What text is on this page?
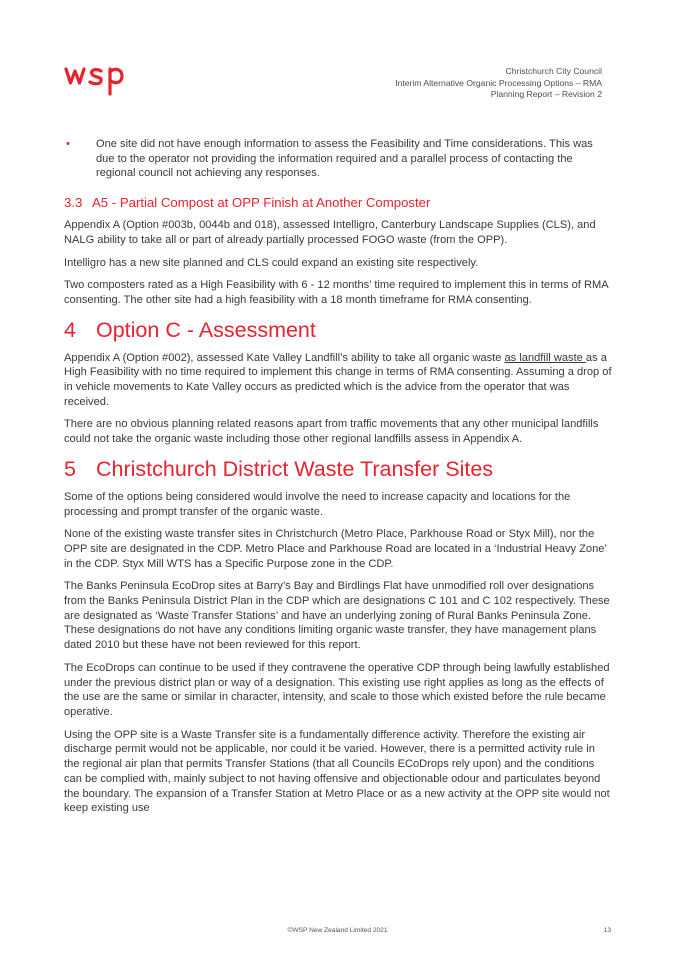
Christchurch City Council
Interim Alternative Organic Processing Options – RMA
Planning Report – Revision 2
• One site did not have enough information to assess the Feasibility and Time considerations. This was due to the operator not providing the information required and a parallel process of contacting the regional council not achieving any responses.
3.3 A5 - Partial Compost at OPP Finish at Another Composter

Appendix A (Option #003b, 0044b and 018), assessed Intelligro, Canterbury Landscape Supplies (CLS), and NALG ability to take all or part of already partially processed FOGO waste (from the OPP).

Intelligro has a new site planned and CLS could expand an existing site respectively.

Two composters rated as a High Feasibility with 6 - 12 months’ time required to implement this in terms of RMA consenting. The other site had a high feasibility with a 18 month timeframe for RMA consenting.

4 Option C - Assessment

Appendix A (Option #002), assessed Kate Valley Landfill’s ability to take all organic waste as landfill waste as a High Feasibility with no time required to implement this change in terms of RMA consenting. Assuming a drop of in vehicle movements to Kate Valley occurs as predicted which is the advice from the operator that was received.

There are no obvious planning related reasons apart from traffic movements that any other municipal landfills could not take the organic waste including those other regional landfills assess in Appendix A.

5 Christchurch District Waste Transfer Sites

Some of the options being considered would involve the need to increase capacity and locations for the processing and prompt transfer of the organic waste.

None of the existing waste transfer sites in Christchurch (Metro Place, Parkhouse Road or Styx Mill), nor the OPP site are designated in the CDP. Metro Place and Parkhouse Road are located in a ‘Industrial Heavy Zone’ in the CDP. Styx Mill WTS has a Specific Purpose zone in the CDP.

The Banks Peninsula EcoDrop sites at Barry’s Bay and Birdlings Flat have unmodified roll over designations from the Banks Peninsula District Plan in the CDP which are designations C 101 and C 102 respectively. These are designated as ‘Waste Transfer Stations’ and have an underlying zoning of Rural Banks Peninsula Zone. These designations do not have any conditions limiting organic waste transfer, they have management plans dated 2010 but these have not been reviewed for this report.

The EcoDrops can continue to be used if they contravene the operative CDP through being lawfully established under the previous district plan or way of a designation. This existing use right applies as long as the effects of the use are the same or similar in character, intensity, and scale to those which existed before the rule became operative.

Using the OPP site is a Waste Transfer site is a fundamentally difference activity. Therefore the existing air discharge permit would not be applicable, nor could it be varied. However, there is a permitted activity rule in the regional air plan that permits Transfer Stations (that all Councils ECoDrops rely upon) and the conditions can be complied with, mainly subject to not having offensive and objectionable odour and particulates beyond the boundary. The expansion of a Transfer Station at Metro Place or as a new activity at the OPP site would not keep existing use

©WSP New Zealand Limited 2021	13
